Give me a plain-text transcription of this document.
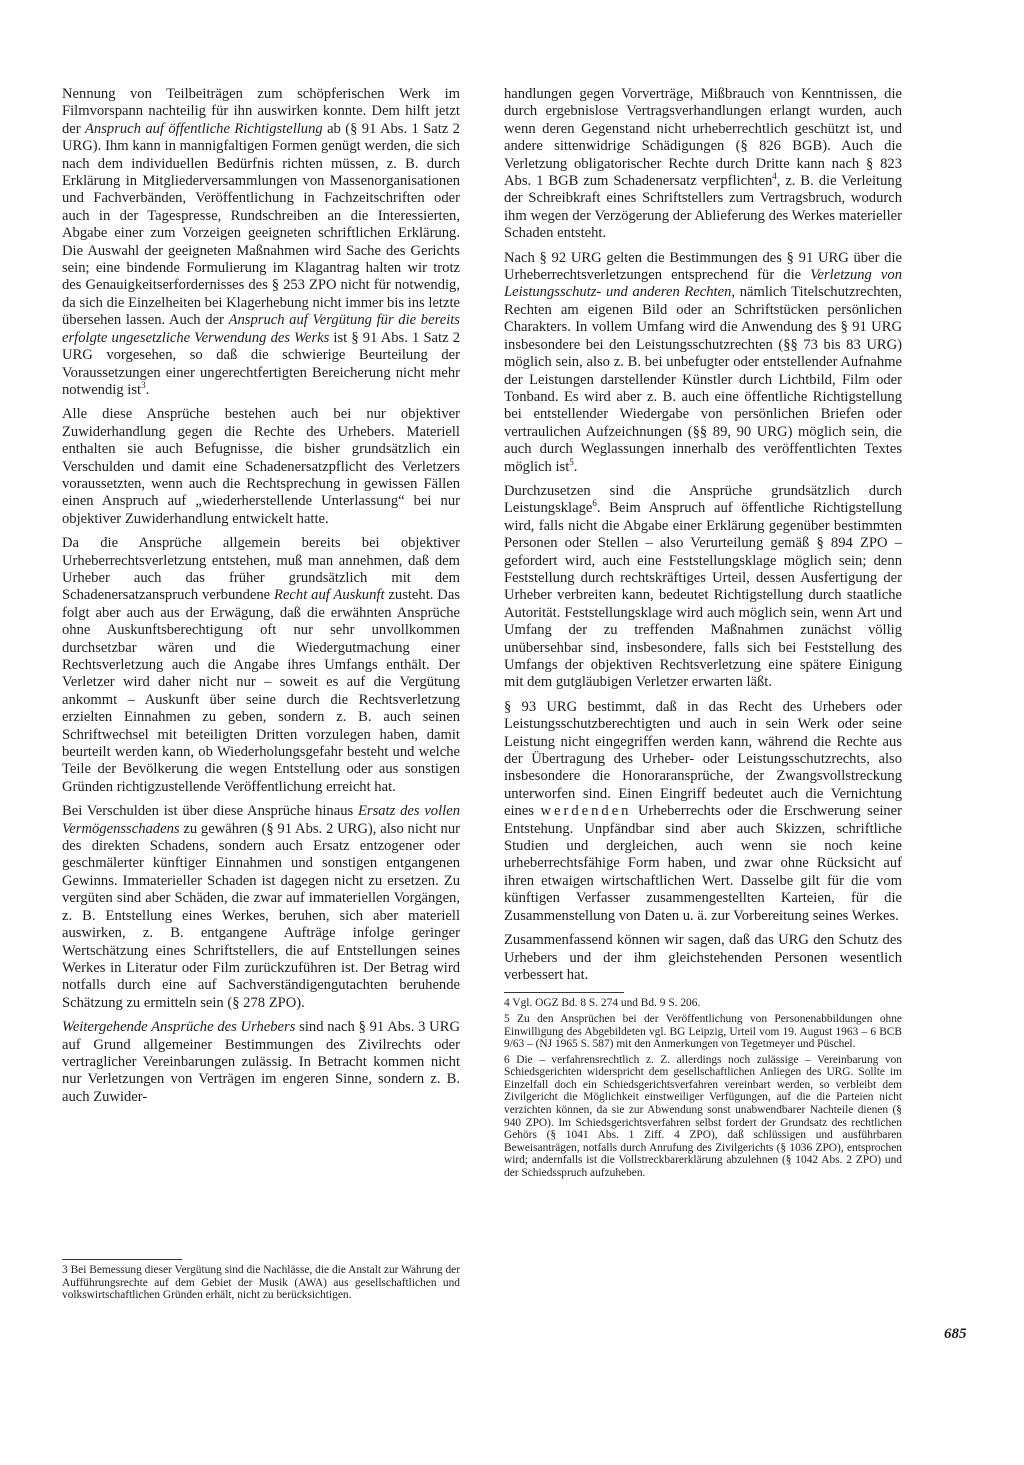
Nennung von Teilbeiträgen zum schöpferischen Werk im Filmvorspann nachteilig für ihn auswirken konnte. Dem hilft jetzt der Anspruch auf öffentliche Richtigstellung ab (§ 91 Abs. 1 Satz 2 URG). Ihm kann in mannigfaltigen Formen genügt werden, die sich nach dem individuellen Bedürfnis richten müssen, z. B. durch Erklärung in Mitgliederversammlungen von Massenorganisationen und Fachverbänden, Veröffentlichung in Fachzeitschriften oder auch in der Tagespresse, Rundschreiben an die Interessierten, Abgabe einer zum Vorzeigen geeigneten schriftlichen Erklärung. Die Auswahl der geeigneten Maßnahmen wird Sache des Gerichts sein; eine bindende Formulierung im Klagantrag halten wir trotz des Genauigkeitserfordernisses des § 253 ZPO nicht für notwendig, da sich die Einzelheiten bei Klagerhebung nicht immer bis ins letzte übersehen lassen. Auch der Anspruch auf Vergütung für die bereits erfolgte ungesetzliche Verwendung des Werks ist § 91 Abs. 1 Satz 2 URG vorgesehen, so daß die schwierige Beurteilung der Voraussetzungen einer ungerechtfertigten Bereicherung nicht mehr notwendig ist$^3$.

Alle diese Ansprüche bestehen auch bei nur objektiver Zuwiderhandlung gegen die Rechte des Urhebers. Materiell enthalten sie auch Befugnisse, die bisher grundsätzlich ein Verschulden und damit eine Schadenersatzpflicht des Verletzers voraussetzten, wenn auch die Rechtsprechung in gewissen Fällen einen Anspruch auf „wiederherstellende Unterlassung“ bei nur objektiver Zuwiderhandlung entwickelt hatte.

Da die Ansprüche allgemein bereits bei objektiver Urheberrechtsverletzung entstehen, muß man annehmen, daß dem Urheber auch das früher grundsätzlich mit dem Schadenersatzanspruch verbundene Recht auf Auskunft zusteht. Das folgt aber auch aus der Erwägung, daß die erwähnten Ansprüche ohne Auskunftsberechtigung oft nur sehr unvollkommen durchsetzbar wären und die Wiedergutmachung einer Rechtsverletzung auch die Angabe ihres Umfangs enthält. Der Verletzer wird daher nicht nur – soweit es auf die Vergütung ankommt – Auskunft über seine durch die Rechtsverletzung erzielten Einnahmen zu geben, sondern z. B. auch seinen Schriftwechsel mit beteiligten Dritten vorzulegen haben, damit beurteilt werden kann, ob Wiederholungsgefahr besteht und welche Teile der Bevölkerung die wegen Entstellung oder aus sonstigen Gründen richtigzustellende Veröffentlichung erreicht hat.

Bei Verschulden ist über diese Ansprüche hinaus Ersatz des vollen Vermögensschadens zu gewähren (§ 91 Abs. 2 URG), also nicht nur des direkten Schadens, sondern auch Ersatz entzogener oder geschmälerter künftiger Einnahmen und sonstigen entgangenen Gewinns. Immaterieller Schaden ist dagegen nicht zu ersetzen. Zu vergüten sind aber Schäden, die zwar auf immateriellen Vorgängen, z. B. Entstellung eines Werkes, beruhen, sich aber materiell auswirken, z. B. entgangene Aufträge infolge geringer Wertschätzung eines Schriftstellers, die auf Entstellungen seines Werkes in Literatur oder Film zurückzuführen ist. Der Betrag wird notfalls durch eine auf Sachverständigengutachten beruhende Schätzung zu ermitteln sein (§ 278 ZPO).

Weitergehende Ansprüche des Urhebers sind nach § 91 Abs. 3 URG auf Grund allgemeiner Bestimmungen des Zivilrechts oder vertraglicher Vereinbarungen zulässig. In Betracht kommen nicht nur Verletzungen von Verträgen im engeren Sinne, sondern z. B. auch Zuwider-

3 Bei Bemessung dieser Vergütung sind die Nachlässe, die die Anstalt zur Wahrung der Aufführungsrechte auf dem Gebiet der Musik (AWA) aus gesellschaftlichen und volkswirtschaftlichen Gründen erhält, nicht zu berücksichtigen.

handlungen gegen Vorverträge, Mißbrauch von Kenntnissen, die durch ergebnislose Vertragsverhandlungen erlangt wurden, auch wenn deren Gegenstand nicht urheberrechtlich geschützt ist, und andere sittenwidrige Schädigungen (§ 826 BGB). Auch die Verletzung obligatorischer Rechte durch Dritte kann nach § 823 Abs. 1 BGB zum Schadenersatz verpflichten$^4$, z. B. die Verleitung der Schreibkraft eines Schriftstellers zum Vertragsbruch, wodurch ihm wegen der Verzögerung der Ablieferung des Werkes materieller Schaden entsteht.

Nach § 92 URG gelten die Bestimmungen des § 91 URG über die Urheberrechtsverletzungen entsprechend für die Verletzung von Leistungsschutz- und anderen Rechten, nämlich Titelschutzrechten, Rechten am eigenen Bild oder an Schriftstücken persönlichen Charakters. In vollem Umfang wird die Anwendung des § 91 URG insbesondere bei den Leistungsschutzrechten (§§ 73 bis 83 URG) möglich sein, also z. B. bei unbefugter oder entstellender Aufnahme der Leistungen darstellender Künstler durch Lichtbild, Film oder Tonband. Es wird aber z. B. auch eine öffentliche Richtigstellung bei entstellender Wiedergabe von persönlichen Briefen oder vertraulichen Aufzeichnungen (§§ 89, 90 URG) möglich sein, die auch durch Weglassungen innerhalb des veröffentlichten Textes möglich ist$^5$.

Durchzusetzen sind die Ansprüche grundsätzlich durch Leistungsklage$^6$. Beim Anspruch auf öffentliche Richtigstellung wird, falls nicht die Abgabe einer Erklärung gegenüber bestimmten Personen oder Stellen – also Verurteilung gemäß § 894 ZPO – gefordert wird, auch eine Feststellungsklage möglich sein; denn Feststellung durch rechtskräftiges Urteil, dessen Ausfertigung der Urheber verbreiten kann, bedeutet Richtigstellung durch staatliche Autorität. Feststellungsklage wird auch möglich sein, wenn Art und Umfang der zu treffenden Maßnahmen zunächst völlig unübersehbar sind, insbesondere, falls sich bei Feststellung des Umfangs der objektiven Rechtsverletzung eine spätere Einigung mit dem gutgläubigen Verletzer erwarten läßt.

§ 93 URG bestimmt, daß in das Recht des Urhebers oder Leistungsschutzberechtigten und auch in sein Werk oder seine Leistung nicht eingegriffen werden kann, während die Rechte aus der Übertragung des Urheber- oder Leistungsschutzrechts, also insbesondere die Honoraransprüche, der Zwangsvollstreckung unterworfen sind. Einen Eingriff bedeutet auch die Vernichtung eines werdenden Urheberrechts oder die Erschwerung seiner Entstehung. Unpfändbar sind aber auch Skizzen, schriftliche Studien und dergleichen, auch wenn sie noch keine urheberrechtsfähige Form haben, und zwar ohne Rücksicht auf ihren etwaigen wirtschaftlichen Wert. Dasselbe gilt für die vom künftigen Verfasser zusammengestellten Karteien, für die Zusammenstellung von Daten u. ä. zur Vorbereitung seines Werkes.

Zusammenfassend können wir sagen, daß das URG den Schutz des Urhebers und der ihm gleichstehenden Personen wesentlich verbessert hat.

4 Vgl. OGZ Bd. 8 S. 274 und Bd. 9 S. 206.

5 Zu den Ansprüchen bei der Veröffentlichung von Personenabbildungen ohne Einwilligung des Abgebildeten vgl. BG Leipzig, Urteil vom 19. August 1963 – 6 BCB 9/63 – (NJ 1965 S. 587) mit den Anmerkungen von Tegetmeyer und Püschel.

6 Die – verfahrensrechtlich z. Z. allerdings noch zulässige – Vereinbarung von Schiedsgerichten widerspricht dem gesellschaftlichen Anliegen des URG. Sollte im Einzelfall doch ein Schiedsgerichtsverfahren vereinbart werden, so verbleibt dem Zivilgericht die Möglichkeit einstweiliger Verfügungen, auf die die Parteien nicht verzichten können, da sie zur Abwendung sonst unabwendbarer Nachteile dienen (§ 940 ZPO). Im Schiedsgerichtsverfahren selbst fordert der Grundsatz des rechtlichen Gehörs (§ 1041 Abs. 1 Ziff. 4 ZPO), daß schlüssigen und ausführbaren Beweisanträgen, notfalls durch Anrufung des Zivilgerichts (§ 1036 ZPO), entsprochen wird; andernfalls ist die Vollstreckbarerklärung abzulehnen (§ 1042 Abs. 2 ZPO) und der Schiedsspruch aufzuheben.

685
